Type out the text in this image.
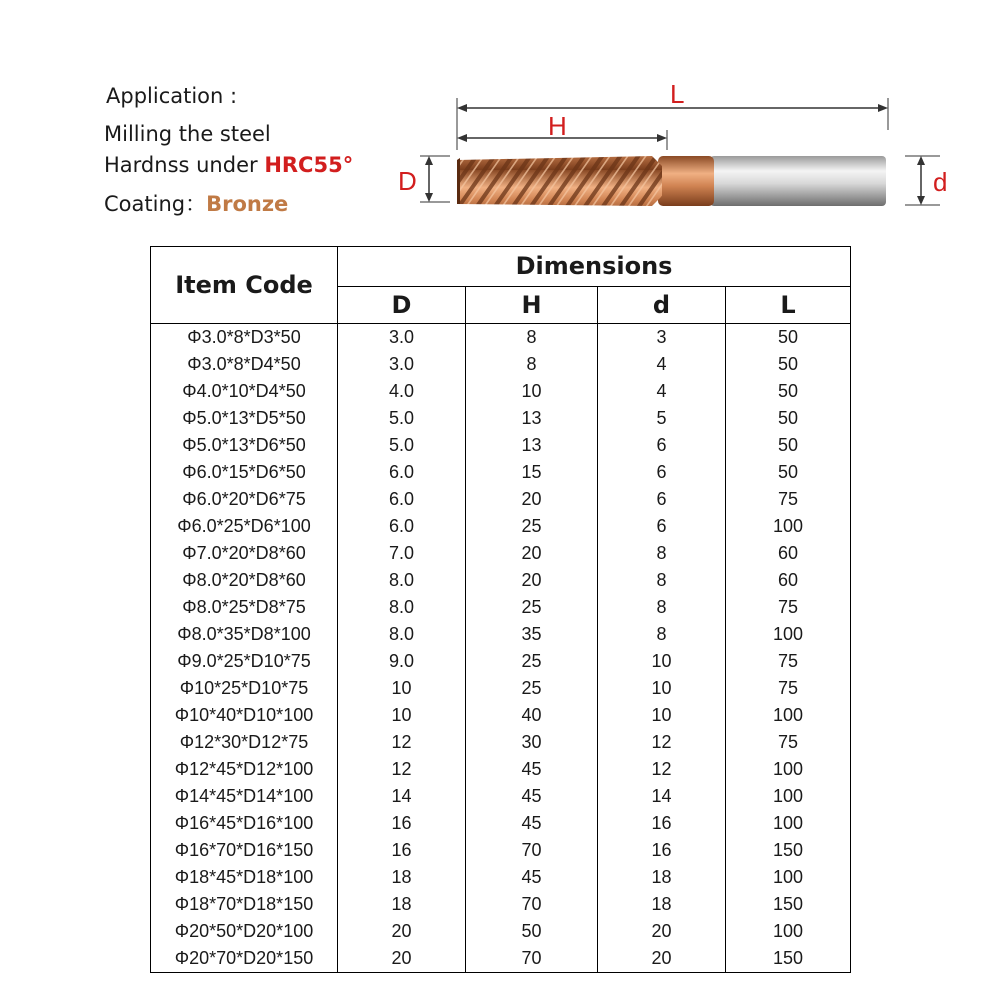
Application :
Milling the steel
Hardnss under HRC55°
Coating：Bronze
L
H
D	d
Item Code	Dimensions			
	D	H	d	L
Φ3.0*8*D3*50	3.0	8	3	50
Φ3.0*8*D4*50	3.0	8	4	50
Φ4.0*10*D4*50	4.0	10	4	50
Φ5.0*13*D5*50	5.0	13	5	50
Φ5.0*13*D6*50	5.0	13	6	50
Φ6.0*15*D6*50	6.0	15	6	50
Φ6.0*20*D6*75	6.0	20	6	75
Φ6.0*25*D6*100	6.0	25	6	100
Φ7.0*20*D8*60	7.0	20	8	60
Φ8.0*20*D8*60	8.0	20	8	60
Φ8.0*25*D8*75	8.0	25	8	75
Φ8.0*35*D8*100	8.0	35	8	100
Φ9.0*25*D10*75	9.0	25	10	75
Φ10*25*D10*75	10	25	10	75
Φ10*40*D10*100	10	40	10	100
Φ12*30*D12*75	12	30	12	75
Φ12*45*D12*100	12	45	12	100
Φ14*45*D14*100	14	45	14	100
Φ16*45*D16*100	16	45	16	100
Φ16*70*D16*150	16	70	16	150
Φ18*45*D18*100	18	45	18	100
Φ18*70*D18*150	18	70	18	150
Φ20*50*D20*100	20	50	20	100
Φ20*70*D20*150	20	70	20	150
